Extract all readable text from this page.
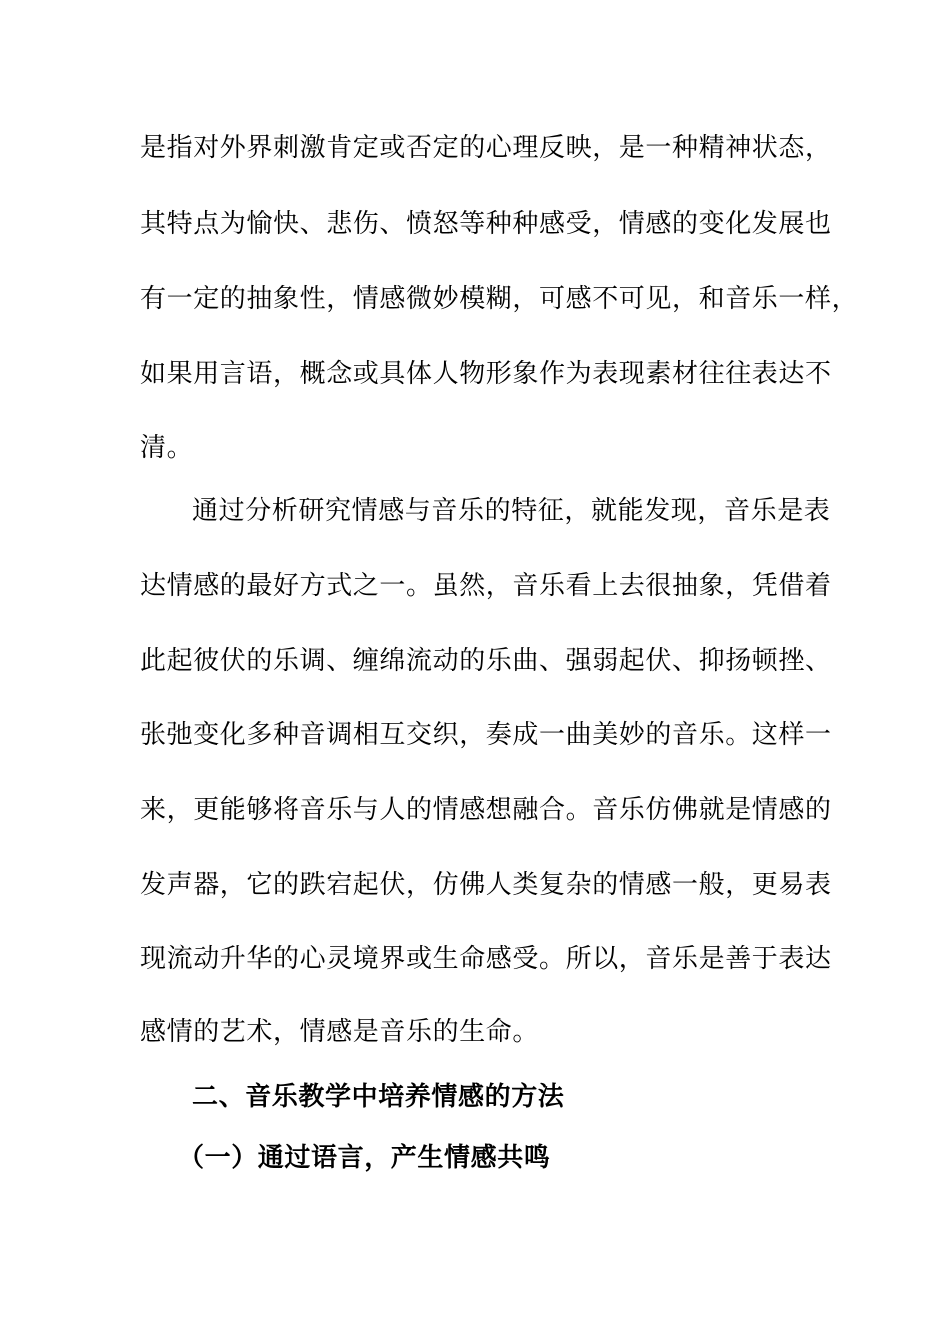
是指对外界刺激肯定或否定的心理反映，是一种精神状态，
其特点为愉快、悲伤、愤怒等种种感受，情感的变化发展也
有一定的抽象性，情感微妙模糊，可感不可见，和音乐一样，
如果用言语，概念或具体人物形象作为表现素材往往表达不
清。
通过分析研究情感与音乐的特征，就能发现，音乐是表
达情感的最好方式之一。虽然，音乐看上去很抽象，凭借着
此起彼伏的乐调、缠绵流动的乐曲、强弱起伏、抑扬顿挫、
张弛变化多种音调相互交织，奏成一曲美妙的音乐。这样一
来，更能够将音乐与人的情感想融合。音乐仿佛就是情感的
发声器，它的跌宕起伏，仿佛人类复杂的情感一般，更易表
现流动升华的心灵境界或生命感受。所以，音乐是善于表达
感情的艺术，情感是音乐的生命。
二、音乐教学中培养情感的方法
（一）通过语言，产生情感共鸣
